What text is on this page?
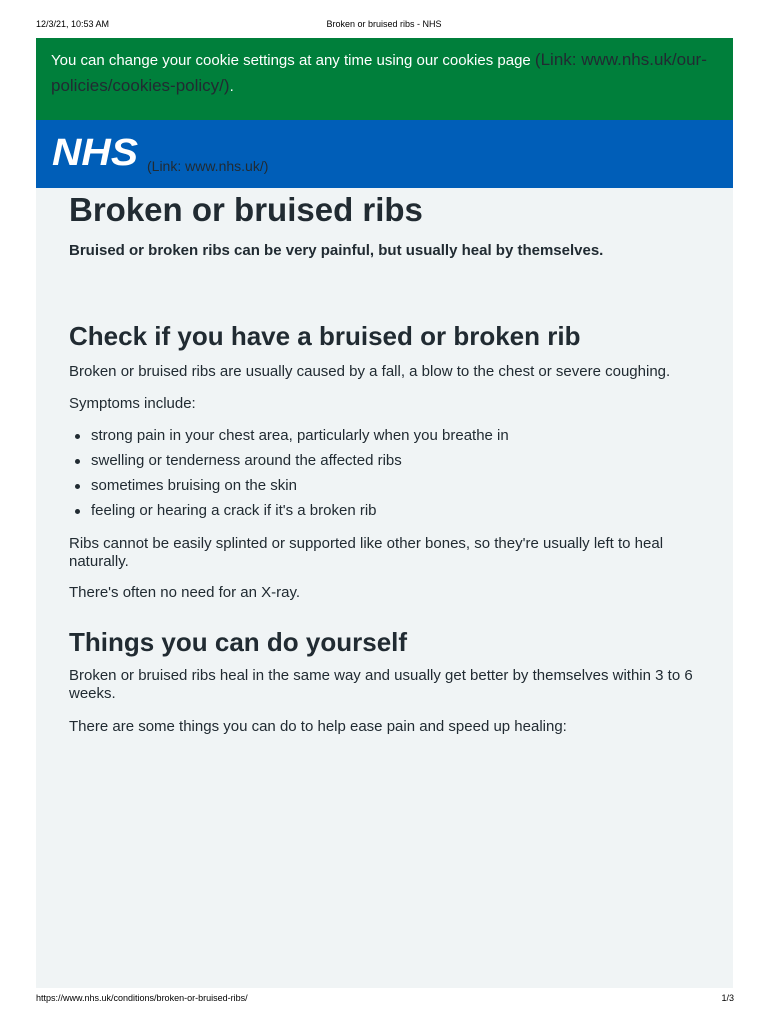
12/3/21, 10:53 AM	Broken or bruised ribs - NHS
You can change your cookie settings at any time using our cookies page (Link: www.nhs.uk/our-policies/cookies-policy/).
NHS (Link: www.nhs.uk/)
Broken or bruised ribs

Bruised or broken ribs can be very painful, but usually heal by themselves.

Check if you have a bruised or broken rib

Broken or bruised ribs are usually caused by a fall, a blow to the chest or severe coughing.

Symptoms include:

strong pain in your chest area, particularly when you breathe in
swelling or tenderness around the affected ribs
sometimes bruising on the skin
feeling or hearing a crack if it's a broken rib

Ribs cannot be easily splinted or supported like other bones, so they're usually left to heal naturally.

There's often no need for an X-ray.

Things you can do yourself

Broken or bruised ribs heal in the same way and usually get better by themselves within 3 to 6 weeks.

There are some things you can do to help ease pain and speed up healing:

https://www.nhs.uk/conditions/broken-or-bruised-ribs/	1/3
